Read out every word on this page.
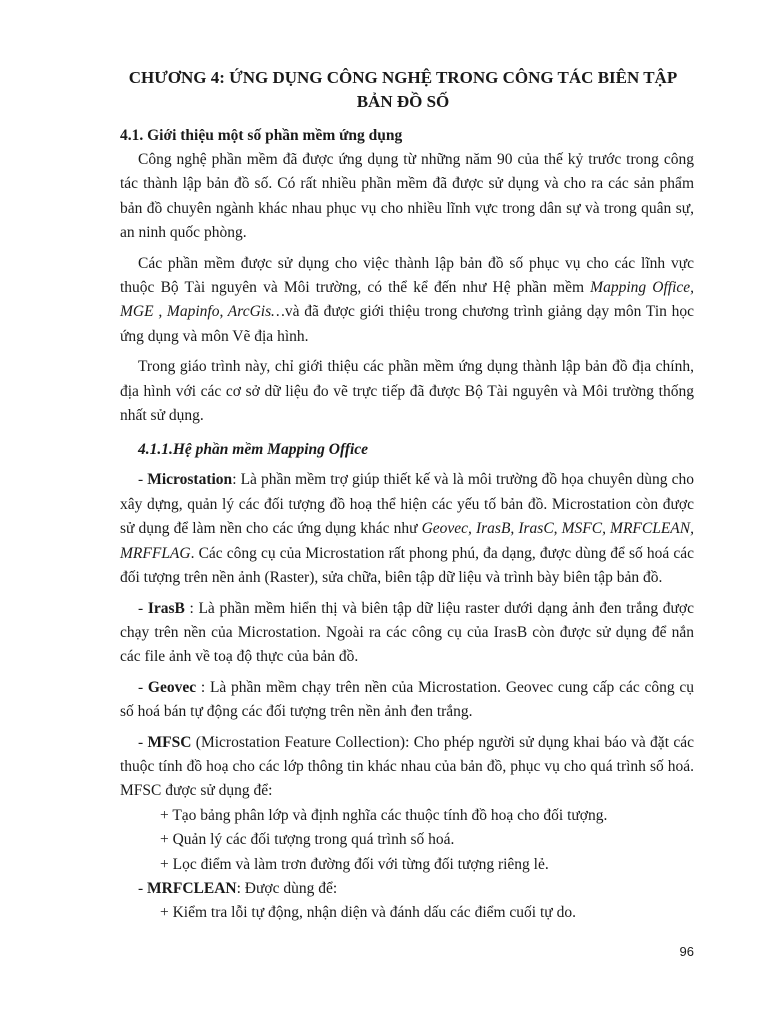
CHƯƠNG 4: ỨNG DỤNG CÔNG NGHỆ TRONG CÔNG TÁC BIÊN TẬP
BẢN ĐỒ SỐ
4.1. Giới thiệu một số phần mềm ứng dụng

Công nghệ phần mềm đã được ứng dụng từ những năm 90 của thế kỷ trước trong công tác thành lập bản đồ số. Có rất nhiều phần mềm đã được sử dụng và cho ra các sản phẩm bản đồ chuyên ngành khác nhau phục vụ cho nhiều lĩnh vực trong dân sự và trong quân sự, an ninh quốc phòng.

Các phần mềm được sử dụng cho việc thành lập bản đồ số phục vụ cho các lĩnh vực thuộc Bộ Tài nguyên và Môi trường, có thể kể đến như Hệ phần mềm Mapping Office, MGE , Mapinfo, ArcGis…và đã được giới thiệu trong chương trình giảng dạy môn Tin học ứng dụng và môn Vẽ địa hình.

Trong giáo trình này, chỉ giới thiệu các phần mềm ứng dụng thành lập bản đồ địa chính, địa hình với các cơ sở dữ liệu đo vẽ trực tiếp đã được Bộ Tài nguyên và Môi trường thống nhất sử dụng.

4.1.1.Hệ phần mềm Mapping Office

- Microstation: Là phần mềm trợ giúp thiết kế và là môi trường đồ họa chuyên dùng cho xây dựng, quản lý các đối tượng đồ hoạ thể hiện các yếu tố bản đồ. Microstation còn được sử dụng để làm nền cho các ứng dụng khác như Geovec, IrasB, IrasC, MSFC, MRFCLEAN, MRFFLAG. Các công cụ của Microstation rất phong phú, đa dạng, được dùng để số hoá các đối tượng trên nền ảnh (Raster), sửa chữa, biên tập dữ liệu và trình bày biên tập bản đồ.

- IrasB : Là phần mềm hiển thị và biên tập dữ liệu raster dưới dạng ảnh đen trắng được chạy trên nền của Microstation. Ngoài ra các công cụ của IrasB còn được sử dụng để nắn các file ảnh về toạ độ thực của bản đồ.

- Geovec : Là phần mềm chạy trên nền của Microstation. Geovec cung cấp các công cụ số hoá bán tự động các đối tượng trên nền ảnh đen trắng.

- MFSC (Microstation Feature Collection): Cho phép người sử dụng khai báo và đặt các thuộc tính đồ hoạ cho các lớp thông tin khác nhau của bản đồ, phục vụ cho quá trình số hoá. MFSC được sử dụng để:

+ Tạo bảng phân lớp và định nghĩa các thuộc tính đồ hoạ cho đối tượng.

+ Quản lý các đối tượng trong quá trình số hoá.

+ Lọc điểm và làm trơn đường đối với từng đối tượng riêng lẻ.

- MRFCLEAN: Được dùng để:

+ Kiểm tra lỗi tự động, nhận diện và đánh dấu các điểm cuối tự do.

96
